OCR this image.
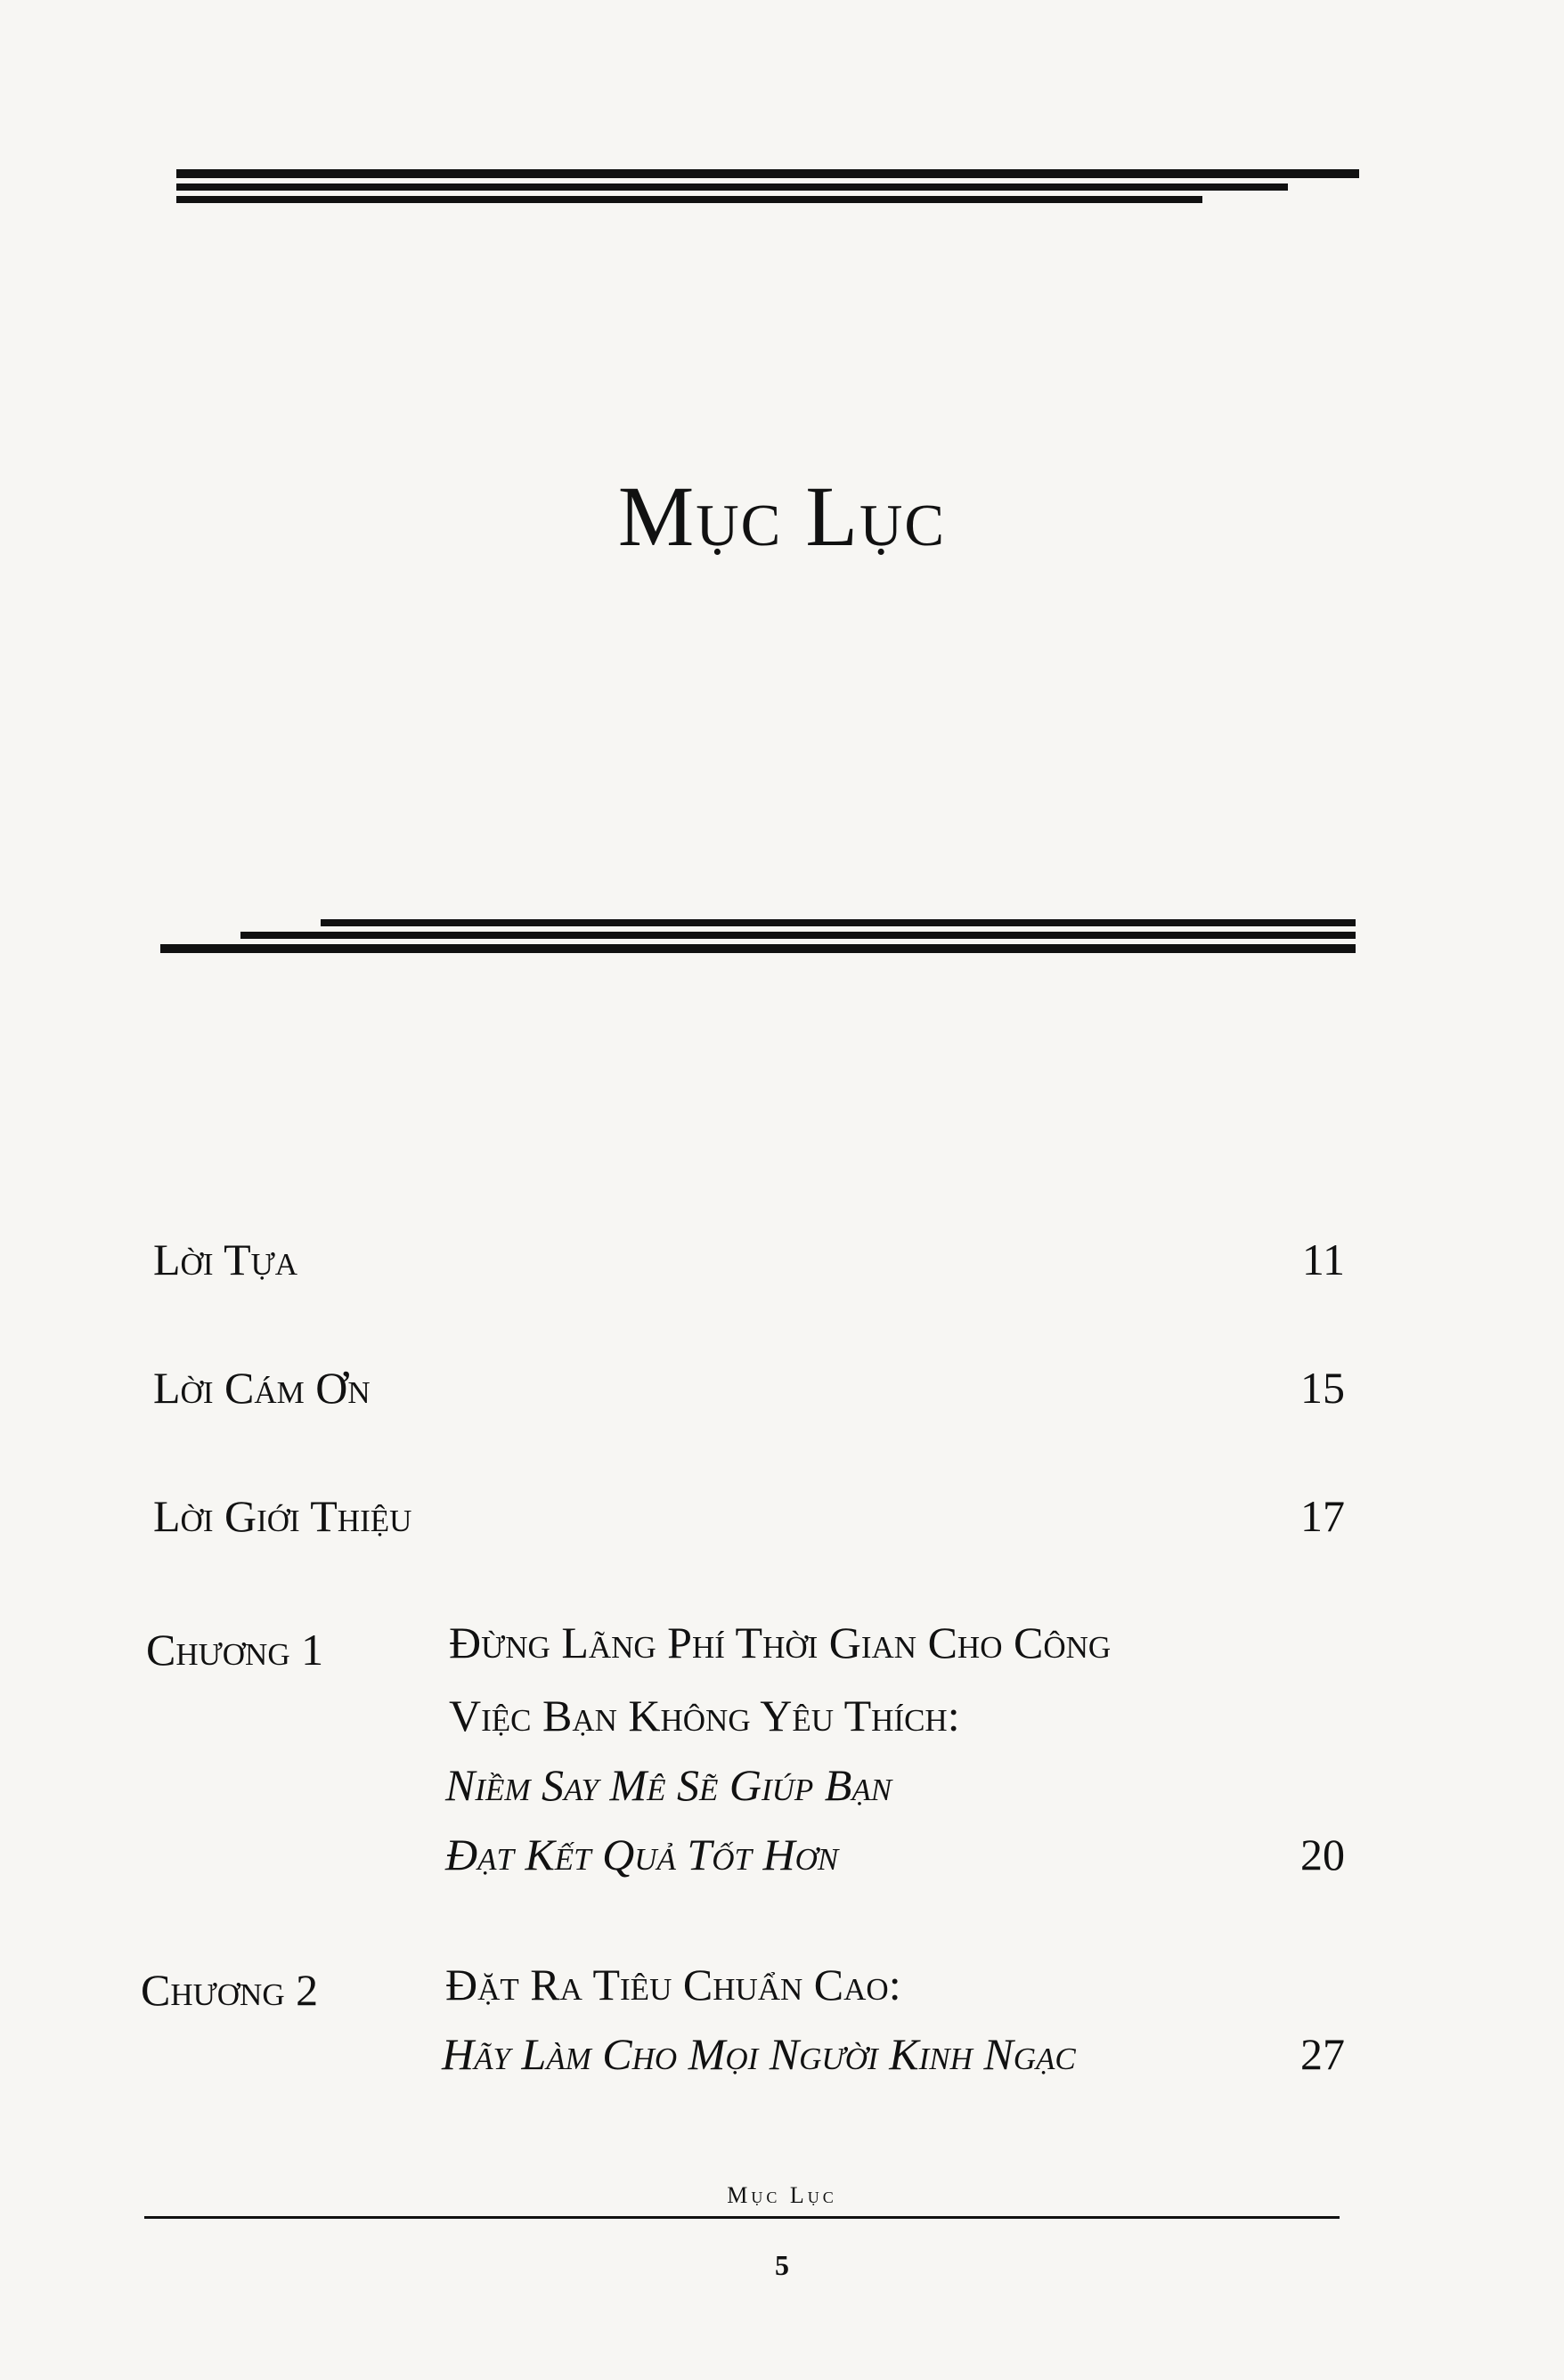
Mục Lục
Lời Tựa	11
Lời Cám Ơn	15
Lời Giới Thiệu	17
Chương 1	Đừng Lãng Phí Thời Gian Cho Công
Việc Bạn Không Yêu Thích:
Niềm Say Mê Sẽ Giúp Bạn
Đạt Kết Quả Tốt Hơn	20
Chương 2	Đặt Ra Tiêu Chuẩn Cao:
Hãy Làm Cho Mọi Người Kinh Ngạc	27
Mục Lục
5
